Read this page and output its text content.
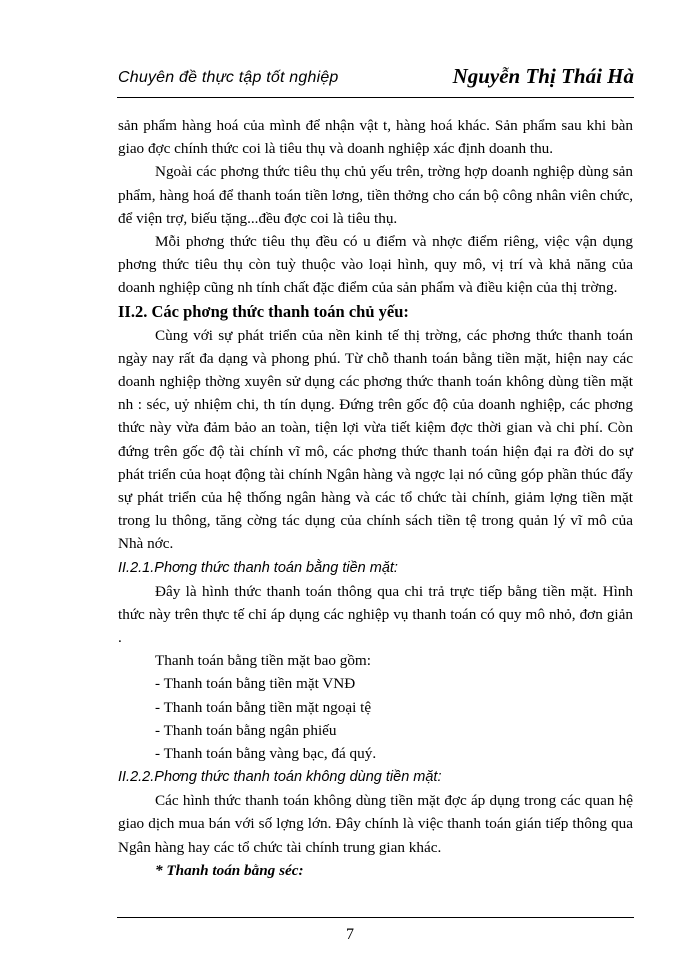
Chuyên đề thực tập tốt nghiệp	Nguyễn Thị Thái Hà

sản phẩm hàng hoá của mình để nhận vật t, hàng hoá khác. Sản phẩm sau khi bàn giao đợc chính thức coi là tiêu thụ và doanh nghiệp xác định doanh thu.

Ngoài các phơng thức tiêu thụ chủ yếu trên, trờng hợp doanh nghiệp dùng sản phẩm, hàng hoá để thanh toán tiền lơng, tiền thởng cho cán bộ công nhân viên chức, để viện trợ, biếu tặng...đều đợc coi là tiêu thụ.

Mỗi phơng thức tiêu thụ đều có u điểm và nhợc điểm riêng, việc vận dụng phơng thức tiêu thụ còn tuỳ thuộc vào loại hình, quy mô, vị trí và khả năng của doanh nghiệp cũng nh tính chất đặc điểm của sản phẩm và điều kiện của thị trờng.

II.2. Các phơng thức thanh toán chủ yếu:

Cùng với sự phát triển của nền kinh tế thị trờng, các phơng thức thanh toán ngày nay rất đa dạng và phong phú. Từ chỗ thanh toán bằng tiền mặt, hiện nay các doanh nghiệp thờng xuyên sử dụng các phơng thức thanh toán không dùng tiền mặt nh : séc, uỷ nhiệm chi, th tín dụng. Đứng trên gốc độ của doanh nghiệp, các phơng thức này vừa đảm bảo an toàn, tiện lợi vừa tiết kiệm đợc thời gian và chi phí. Còn đứng trên gốc độ tài chính vĩ mô, các phơng thức thanh toán hiện đại ra đời do sự phát triển của hoạt động tài chính Ngân hàng và ngợc lại nó cũng góp phần thúc đẩy sự phát triển của hệ thống ngân hàng và các tổ chức tài chính, giảm lợng tiền mặt trong lu thông, tăng cờng tác dụng của chính sách tiền tệ trong quản lý vĩ mô của Nhà nớc.

II.2.1.Phơng thức thanh toán bằng tiền mặt:

Đây là hình thức thanh toán thông qua chi trả trực tiếp bằng tiền mặt. Hình thức này trên thực tế chỉ áp dụng các nghiệp vụ thanh toán có quy mô nhỏ, đơn giản .

Thanh toán bằng tiền mặt bao gồm:

- Thanh toán bằng tiền mặt VNĐ
- Thanh toán bằng tiền mặt ngoại tệ
- Thanh toán bằng ngân phiếu
- Thanh toán bằng vàng bạc, đá quý.

II.2.2.Phơng thức thanh toán không dùng tiền mặt:

Các hình thức thanh toán không dùng tiền mặt đợc áp dụng trong các quan hệ giao dịch mua bán với số lợng lớn. Đây chính là việc thanh toán gián tiếp thông qua Ngân hàng hay các tổ chức tài chính trung gian khác.

* Thanh toán bằng séc:

7
